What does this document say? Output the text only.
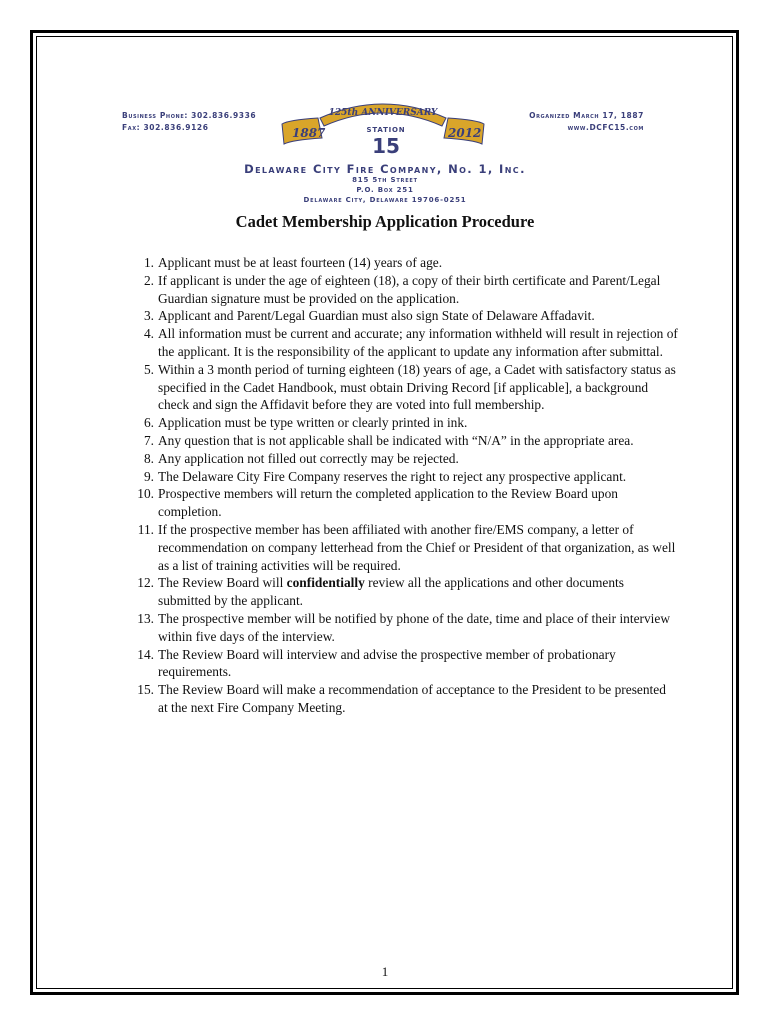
Business Phone: 302.836.9336
Fax: 302.836.9126
Organized March 17, 1887
www.DCFC15.com
1887	2012
125th ANNIVERSARY
STATION
15
Delaware City Fire Company, No. 1, Inc.
815 5th Street
P.O. Box 251
Delaware City, Delaware 19706-0251
Cadet Membership Application Procedure
1. Applicant must be at least fourteen (14) years of age.
2. If applicant is under the age of eighteen (18), a copy of their birth certificate and Parent/Legal Guardian signature must be provided on the application.
3. Applicant and Parent/Legal Guardian must also sign State of Delaware Affadavit.
4. All information must be current and accurate; any information withheld will result in rejection of the applicant. It is the responsibility of the applicant to update any information after submittal.
5. Within a 3 month period of turning eighteen (18) years of age, a Cadet with satisfactory status as specified in the Cadet Handbook, must obtain Driving Record [if applicable], a background check and sign the Affidavit before they are voted into full membership.
6. Application must be type written or clearly printed in ink.
7. Any question that is not applicable shall be indicated with “N/A” in the appropriate area.
8. Any application not filled out correctly may be rejected.
9. The Delaware City Fire Company reserves the right to reject any prospective applicant.
10. Prospective members will return the completed application to the Review Board upon completion.
11. If the prospective member has been affiliated with another fire/EMS company, a letter of recommendation on company letterhead from the Chief or President of that organization, as well as a list of training activities will be required.
12. The Review Board will confidentially review all the applications and other documents submitted by the applicant.
13. The prospective member will be notified by phone of the date, time and place of their interview within five days of the interview.
14. The Review Board will interview and advise the prospective member of probationary requirements.
15. The Review Board will make a recommendation of acceptance to the President to be presented at the next Fire Company Meeting.
1
